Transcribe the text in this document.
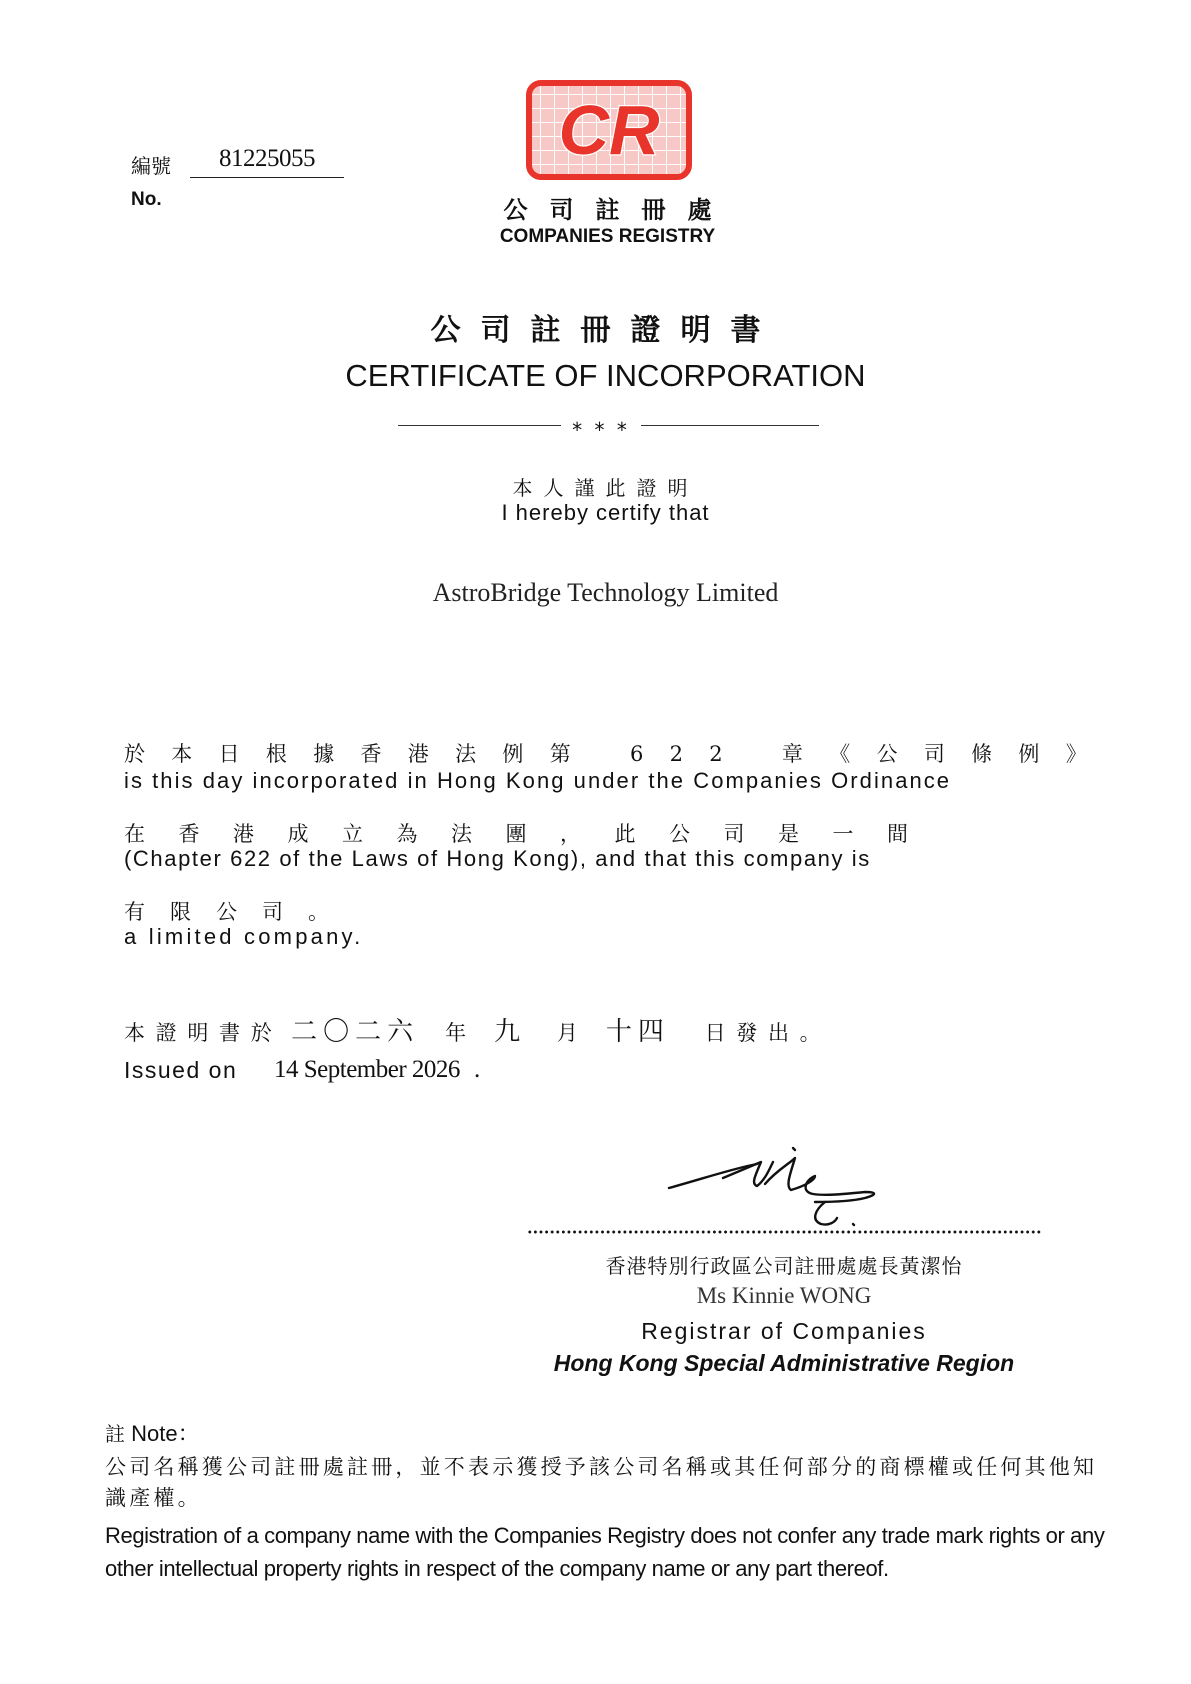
編號	81225055
No.
CR
公司註冊處
COMPANIES REGISTRY
公司註冊證明書
CERTIFICATE OF INCORPORATION
* * *
本人謹此證明
I hereby certify that
AstroBridge Technology Limited
於本日根據香港法例第 622 章《公司條例》
is this day incorporated in Hong Kong under the Companies Ordinance
在香港成立為法團，此公司是一間
(Chapter 622 of the Laws of Hong Kong), and that this company is
有限公司。
a limited company.
本 證 明 書 於 二〇二六 年 九 月 十四 日 發 出 。
Issued on 14 September 2026 .
香港特別行政區公司註冊處處長黃潔怡
Ms Kinnie WONG
Registrar of Companies
Hong Kong Special Administrative Region
註 Note：
公司名稱獲公司註冊處註冊，並不表示獲授予該公司名稱或其任何部分的商標權或任何其他知識產權。
Registration of a company name with the Companies Registry does not confer any trade mark rights or any other intellectual property rights in respect of the company name or any part thereof.
